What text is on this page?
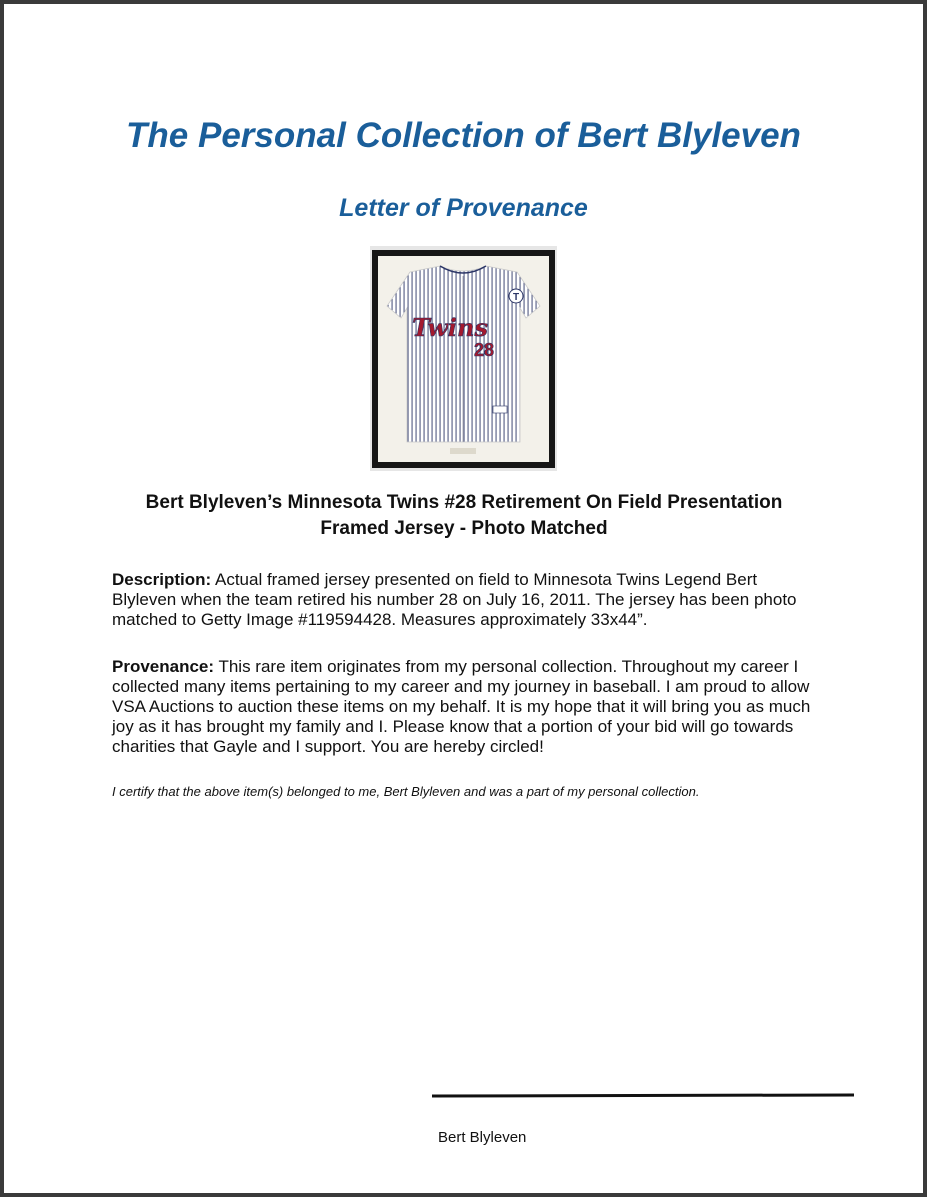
The Personal Collection of Bert Blyleven
Letter of Provenance
T
Twins
28
Bert Blyleven’s Minnesota Twins #28 Retirement On Field Presentation
Framed Jersey - Photo Matched

Description: Actual framed jersey presented on field to Minnesota Twins Legend Bert Blyleven when the team retired his number 28 on July 16, 2011. The jersey has been photo matched to Getty Image #119594428. Measures approximately 33x44”.

Provenance: This rare item originates from my personal collection. Throughout my career I collected many items pertaining to my career and my journey in baseball. I am proud to allow VSA Auctions to auction these items on my behalf. It is my hope that it will bring you as much joy as it has brought my family and I. Please know that a portion of your bid will go towards charities that Gayle and I support. You are hereby circled!

I certify that the above item(s) belonged to me, Bert Blyleven and was a part of my personal collection.

Bert Blyleven
